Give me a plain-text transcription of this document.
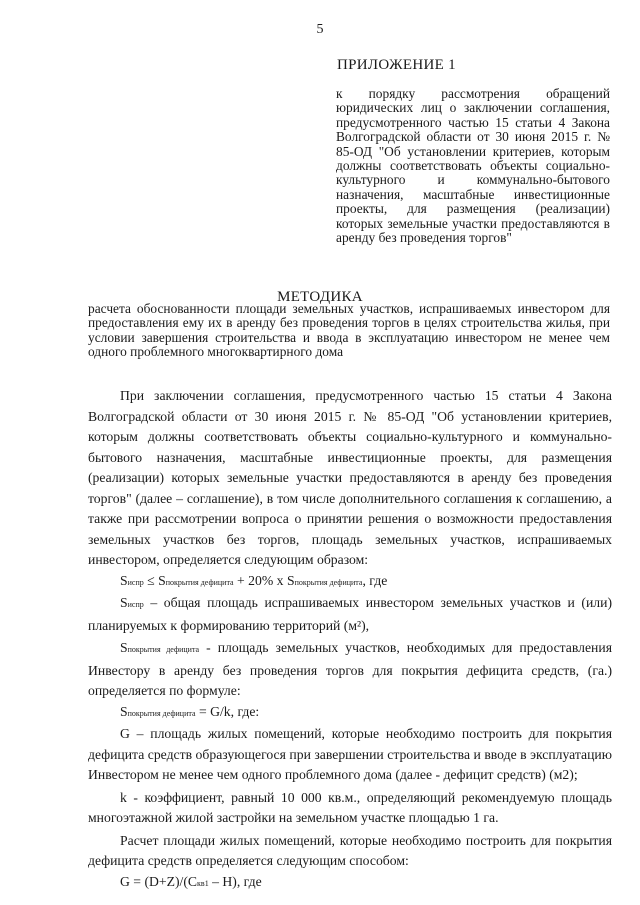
5
ПРИЛОЖЕНИЕ 1
к порядку рассмотрения обращений юридических лиц о заключении соглашения, предусмотренного частью 15 статьи 4 Закона Волгоградской области от 30 июня 2015 г. № 85-ОД "Об установлении критериев, которым должны соответствовать объекты социально-культурного и коммунально-бытового назначения, масштабные инвестиционные проекты, для размещения (реализации) которых земельные участки предоставляются в аренду без проведения торгов"
МЕТОДИКА
расчета обоснованности площади земельных участков, испрашиваемых инвестором для предоставления ему их в аренду без проведения торгов в целях строительства жилья, при условии завершения строительства и ввода в эксплуатацию инвестором не менее чем одного проблемного многоквартирного дома

При заключении соглашения, предусмотренного частью 15 статьи 4 Закона Волгоградской области от 30 июня 2015 г. № 85-ОД "Об установлении критериев, которым должны соответствовать объекты социально-культурного и коммунально-бытового назначения, масштабные инвестиционные проекты, для размещения (реализации) которых земельные участки предоставляются в аренду без проведения торгов" (далее – соглашение), в том числе дополнительного соглашения к соглашению, а также при рассмотрении вопроса о принятии решения о возможности предоставления земельных участков без торгов, площадь земельных участков, испрашиваемых инвестором, определяется следующим образом:

Sиспр ≤ Sпокрытия дефицита + 20% x Sпокрытия дефицита, где

Sиспр – общая площадь испрашиваемых инвестором земельных участков и (или) планируемых к формированию территорий (м²),

Sпокрытия дефицита - площадь земельных участков, необходимых для предоставления Инвестору в аренду без проведения торгов для покрытия дефицита средств, (га.) определяется по формуле:

Sпокрытия дефицита = G/k, где:

G – площадь жилых помещений, которые необходимо построить для покрытия дефицита средств образующегося при завершении строительства и вводе в эксплуатацию Инвестором не менее чем одного проблемного дома (далее - дефицит средств) (м2);

k - коэффициент, равный 10 000 кв.м., определяющий рекомендуемую площадь многоэтажной жилой застройки на земельном участке площадью 1 га.

Расчет площади жилых помещений, которые необходимо построить для покрытия дефицита средств определяется следующим способом:

G = (D+Z)/(Cкв1 – H), где
